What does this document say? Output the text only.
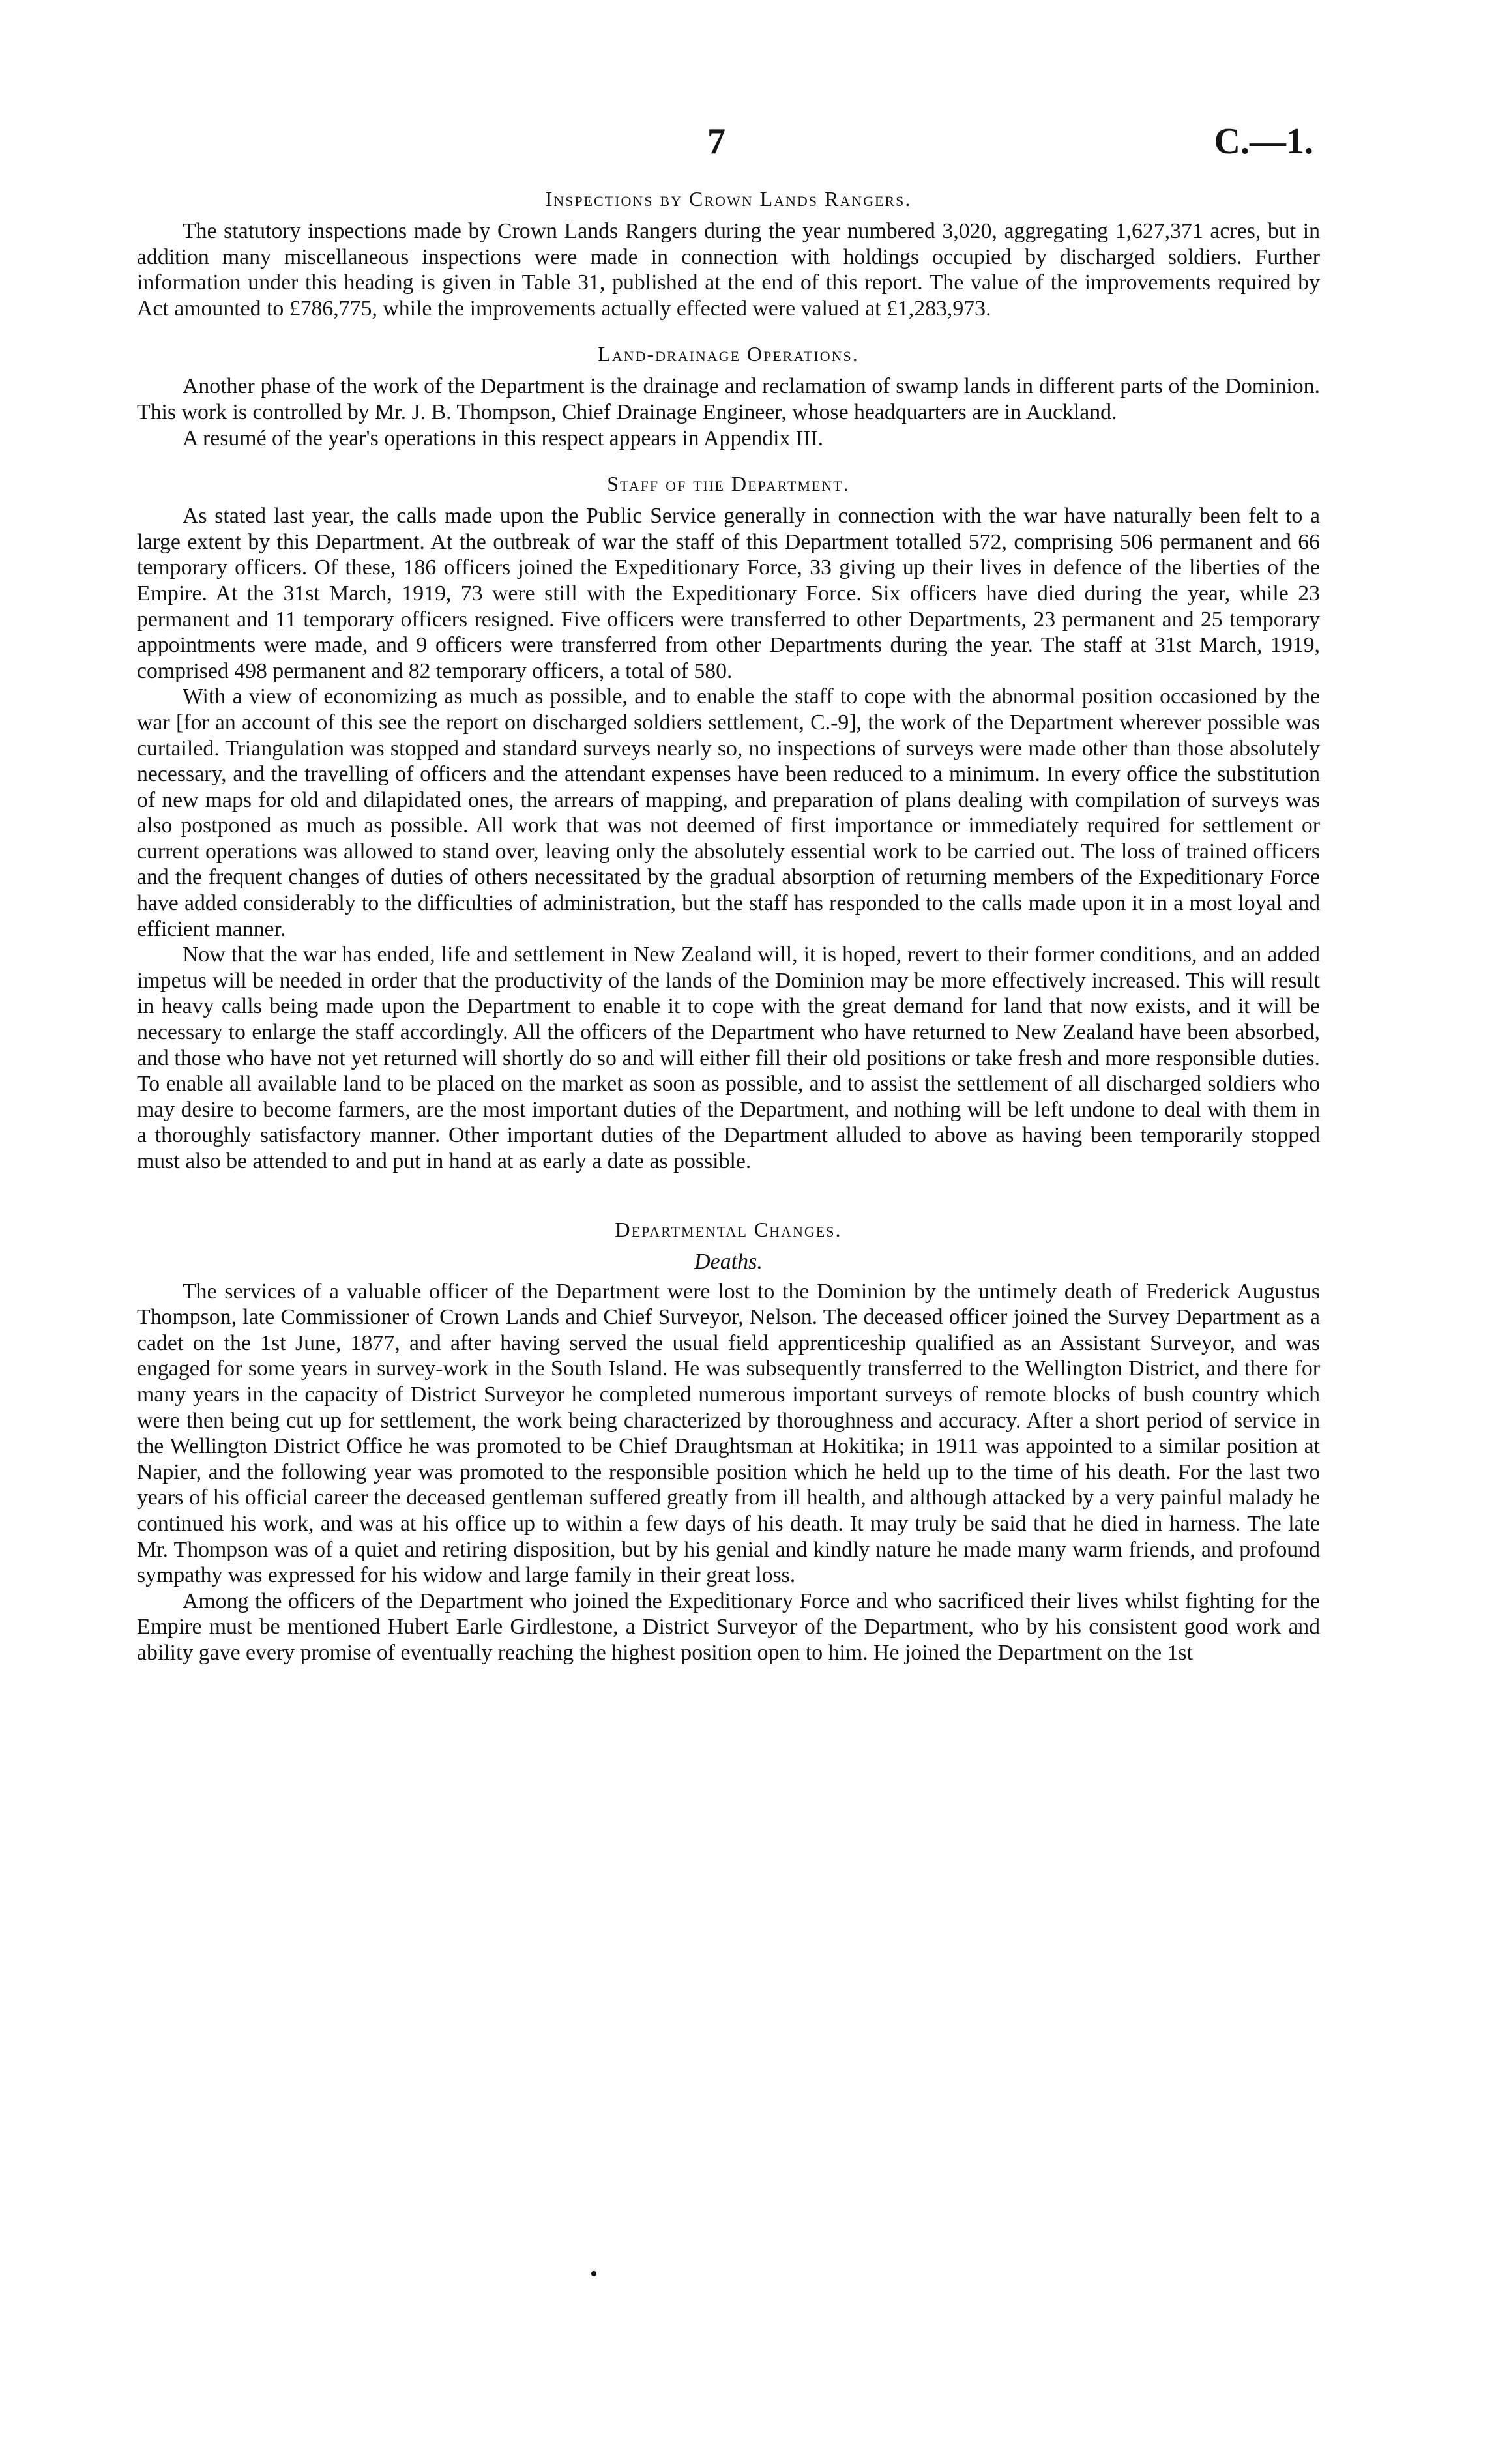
7	C.—1.
Inspections by Crown Lands Rangers.

The statutory inspections made by Crown Lands Rangers during the year numbered 3,020, aggregating 1,627,371 acres, but in addition many miscellaneous inspections were made in connection with holdings occupied by discharged soldiers. Further information under this heading is given in Table 31, published at the end of this report. The value of the improvements required by Act amounted to £786,775, while the improvements actually effected were valued at £1,283,973.

Land-drainage Operations.

Another phase of the work of the Department is the drainage and reclamation of swamp lands in different parts of the Dominion. This work is controlled by Mr. J. B. Thompson, Chief Drainage Engineer, whose headquarters are in Auckland.

A resumé of the year's operations in this respect appears in Appendix III.

Staff of the Department.

As stated last year, the calls made upon the Public Service generally in connection with the war have naturally been felt to a large extent by this Department. At the outbreak of war the staff of this Department totalled 572, comprising 506 permanent and 66 temporary officers. Of these, 186 officers joined the Expeditionary Force, 33 giving up their lives in defence of the liberties of the Empire. At the 31st March, 1919, 73 were still with the Expeditionary Force. Six officers have died during the year, while 23 permanent and 11 temporary officers resigned. Five officers were transferred to other Departments, 23 permanent and 25 temporary appointments were made, and 9 officers were transferred from other Departments during the year. The staff at 31st March, 1919, comprised 498 permanent and 82 temporary officers, a total of 580.

With a view of economizing as much as possible, and to enable the staff to cope with the abnormal position occasioned by the war [for an account of this see the report on discharged soldiers settlement, C.-9], the work of the Department wherever possible was curtailed. Triangulation was stopped and standard surveys nearly so, no inspections of surveys were made other than those absolutely necessary, and the travelling of officers and the attendant expenses have been reduced to a minimum. In every office the substitution of new maps for old and dilapidated ones, the arrears of mapping, and preparation of plans dealing with compilation of surveys was also postponed as much as possible. All work that was not deemed of first importance or immediately required for settlement or current operations was allowed to stand over, leaving only the absolutely essential work to be carried out. The loss of trained officers and the frequent changes of duties of others necessitated by the gradual absorption of returning members of the Expeditionary Force have added considerably to the difficulties of administration, but the staff has responded to the calls made upon it in a most loyal and efficient manner.

Now that the war has ended, life and settlement in New Zealand will, it is hoped, revert to their former conditions, and an added impetus will be needed in order that the productivity of the lands of the Dominion may be more effectively increased. This will result in heavy calls being made upon the Department to enable it to cope with the great demand for land that now exists, and it will be necessary to enlarge the staff accordingly. All the officers of the Department who have returned to New Zealand have been absorbed, and those who have not yet returned will shortly do so and will either fill their old positions or take fresh and more responsible duties. To enable all available land to be placed on the market as soon as possible, and to assist the settlement of all discharged soldiers who may desire to become farmers, are the most important duties of the Department, and nothing will be left undone to deal with them in a thoroughly satisfactory manner. Other important duties of the Department alluded to above as having been temporarily stopped must also be attended to and put in hand at as early a date as possible.

Departmental Changes.
Deaths.

The services of a valuable officer of the Department were lost to the Dominion by the untimely death of Frederick Augustus Thompson, late Commissioner of Crown Lands and Chief Surveyor, Nelson. The deceased officer joined the Survey Department as a cadet on the 1st June, 1877, and after having served the usual field apprenticeship qualified as an Assistant Surveyor, and was engaged for some years in survey-work in the South Island. He was subsequently transferred to the Wellington District, and there for many years in the capacity of District Surveyor he completed numerous important surveys of remote blocks of bush country which were then being cut up for settlement, the work being characterized by thoroughness and accuracy. After a short period of service in the Wellington District Office he was promoted to be Chief Draughtsman at Hokitika; in 1911 was appointed to a similar position at Napier, and the following year was promoted to the responsible position which he held up to the time of his death. For the last two years of his official career the deceased gentleman suffered greatly from ill health, and although attacked by a very painful malady he continued his work, and was at his office up to within a few days of his death. It may truly be said that he died in harness. The late Mr. Thompson was of a quiet and retiring disposition, but by his genial and kindly nature he made many warm friends, and profound sympathy was expressed for his widow and large family in their great loss.

Among the officers of the Department who joined the Expeditionary Force and who sacrificed their lives whilst fighting for the Empire must be mentioned Hubert Earle Girdlestone, a District Surveyor of the Department, who by his consistent good work and ability gave every promise of eventually reaching the highest position open to him. He joined the Department on the 1st

•
